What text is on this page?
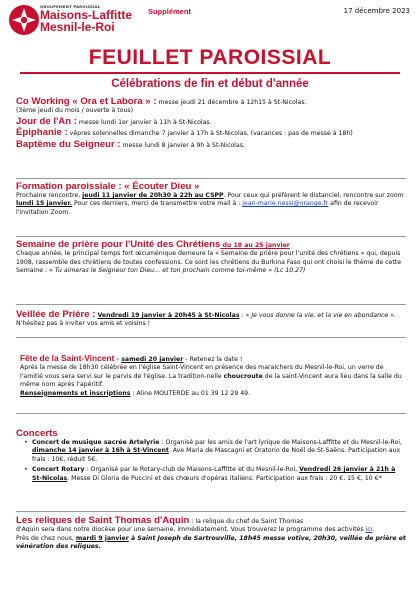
GROUPEMENT PAROISSIAL
Maisons-Laffitte
Mesnil-le-Roi
Supplément	17 décembre 2023
FEUILLET PAROISSIAL
Célébrations de fin et début d'année
Co Working « Ora et Labora » : messe jeudi 21 décembre à 12h15 à St-Nicolas.
(3ème jeudi du mois / ouverte à tous)
Jour de l'An : messe lundi 1er janvier à 11h à St-Nicolas.
Épiphanie : vêpres solennelles dimanche 7 janvier à 17h à St-Nicolas. (vacances : pas de messe à 18h)
Baptême du Seigneur : messe lundi 8 janvier à 9h à St-Nicolas.
Formation paroissiale : « Écouter Dieu »
Prochaine rencontre, jeudi 11 janvier de 20h30 à 22h au CSPP. Pour ceux qui préfèrent le distanciel, rencontre sur zoom lundi 15 janvier. Pour ces derniers, merci de transmettre votre mail à : jean-marie.nessi@orange.fr afin de recevoir l'invitation Zoom.
Semaine de prière pour l'Unité des Chrétiens du 18 au 25 janvier
Chaque année, le principal temps fort œcuménique demeure la « Semaine de prière pour l'unité des chrétiens » qui, depuis 1908, rassemble des chrétiens de toutes confessions. Ce sont les chrétiens du Burkina Faso qui ont choisi le thème de cette Semaine : « Tu aimeras le Seigneur ton Dieu… et ton prochain comme toi-même » (Lc 10,27)
Veillée de Prière : Vendredi 19 janvier à 20h45 à St-Nicolas : « Je vous donne la vie, et la vie en abondance ». N'hésitez pas à inviter vos amis et voisins !
Fête de la Saint-Vincent - samedi 20 janvier - Retenez la date !
Après la messe de 18h30 célébrée en l'église Saint-Vincent en présence des maraichers du Mesnil-le-Roi, un verre de l'amitié vous sera servi sur le parvis de l'église. La tradition-nelle choucroute de la saint-Vincent aura lieu dans la salle du même nom après l'apéritif.
Renseignements et inscriptions : Aline MOUTERDE au 01 39 12 29 49.
Concerts
• Concert de musique sacrée Artelyrie : Organisé par les amis de l'art lyrique de Maisons-Laffitte et du Mesnil-le-Roi, dimanche 14 janvier à 16h à St-Vincent. Ave Maria de Mascagni et Oratorio de Noël de St-Saëns. Participation aux frais : 10€, réduit 5€.
• Concert Rotary : Organisé par le Rotary-club de Maisons-Laffitte et du Mesnil-le-Roi, Vendredi 26 janvier à 21h à St-Nicolas. Messe Di Gloria de Puccini et des chœurs d'opéras italiens. Participation aux frais : 20 €, 15 €, 10 €*
Les reliques de Saint Thomas d'Aquin : la relique du chef de Saint Thomas
d'Aquin sera dans notre diocèse pour une semaine, immédiatement. Vous trouverez le programme des activités ici.
Près de chez nous, mardi 9 janvier à Saint Joseph de Sartrouville, 18h45 messe votive, 20h30, veillée de prière et vénération des reliques.
